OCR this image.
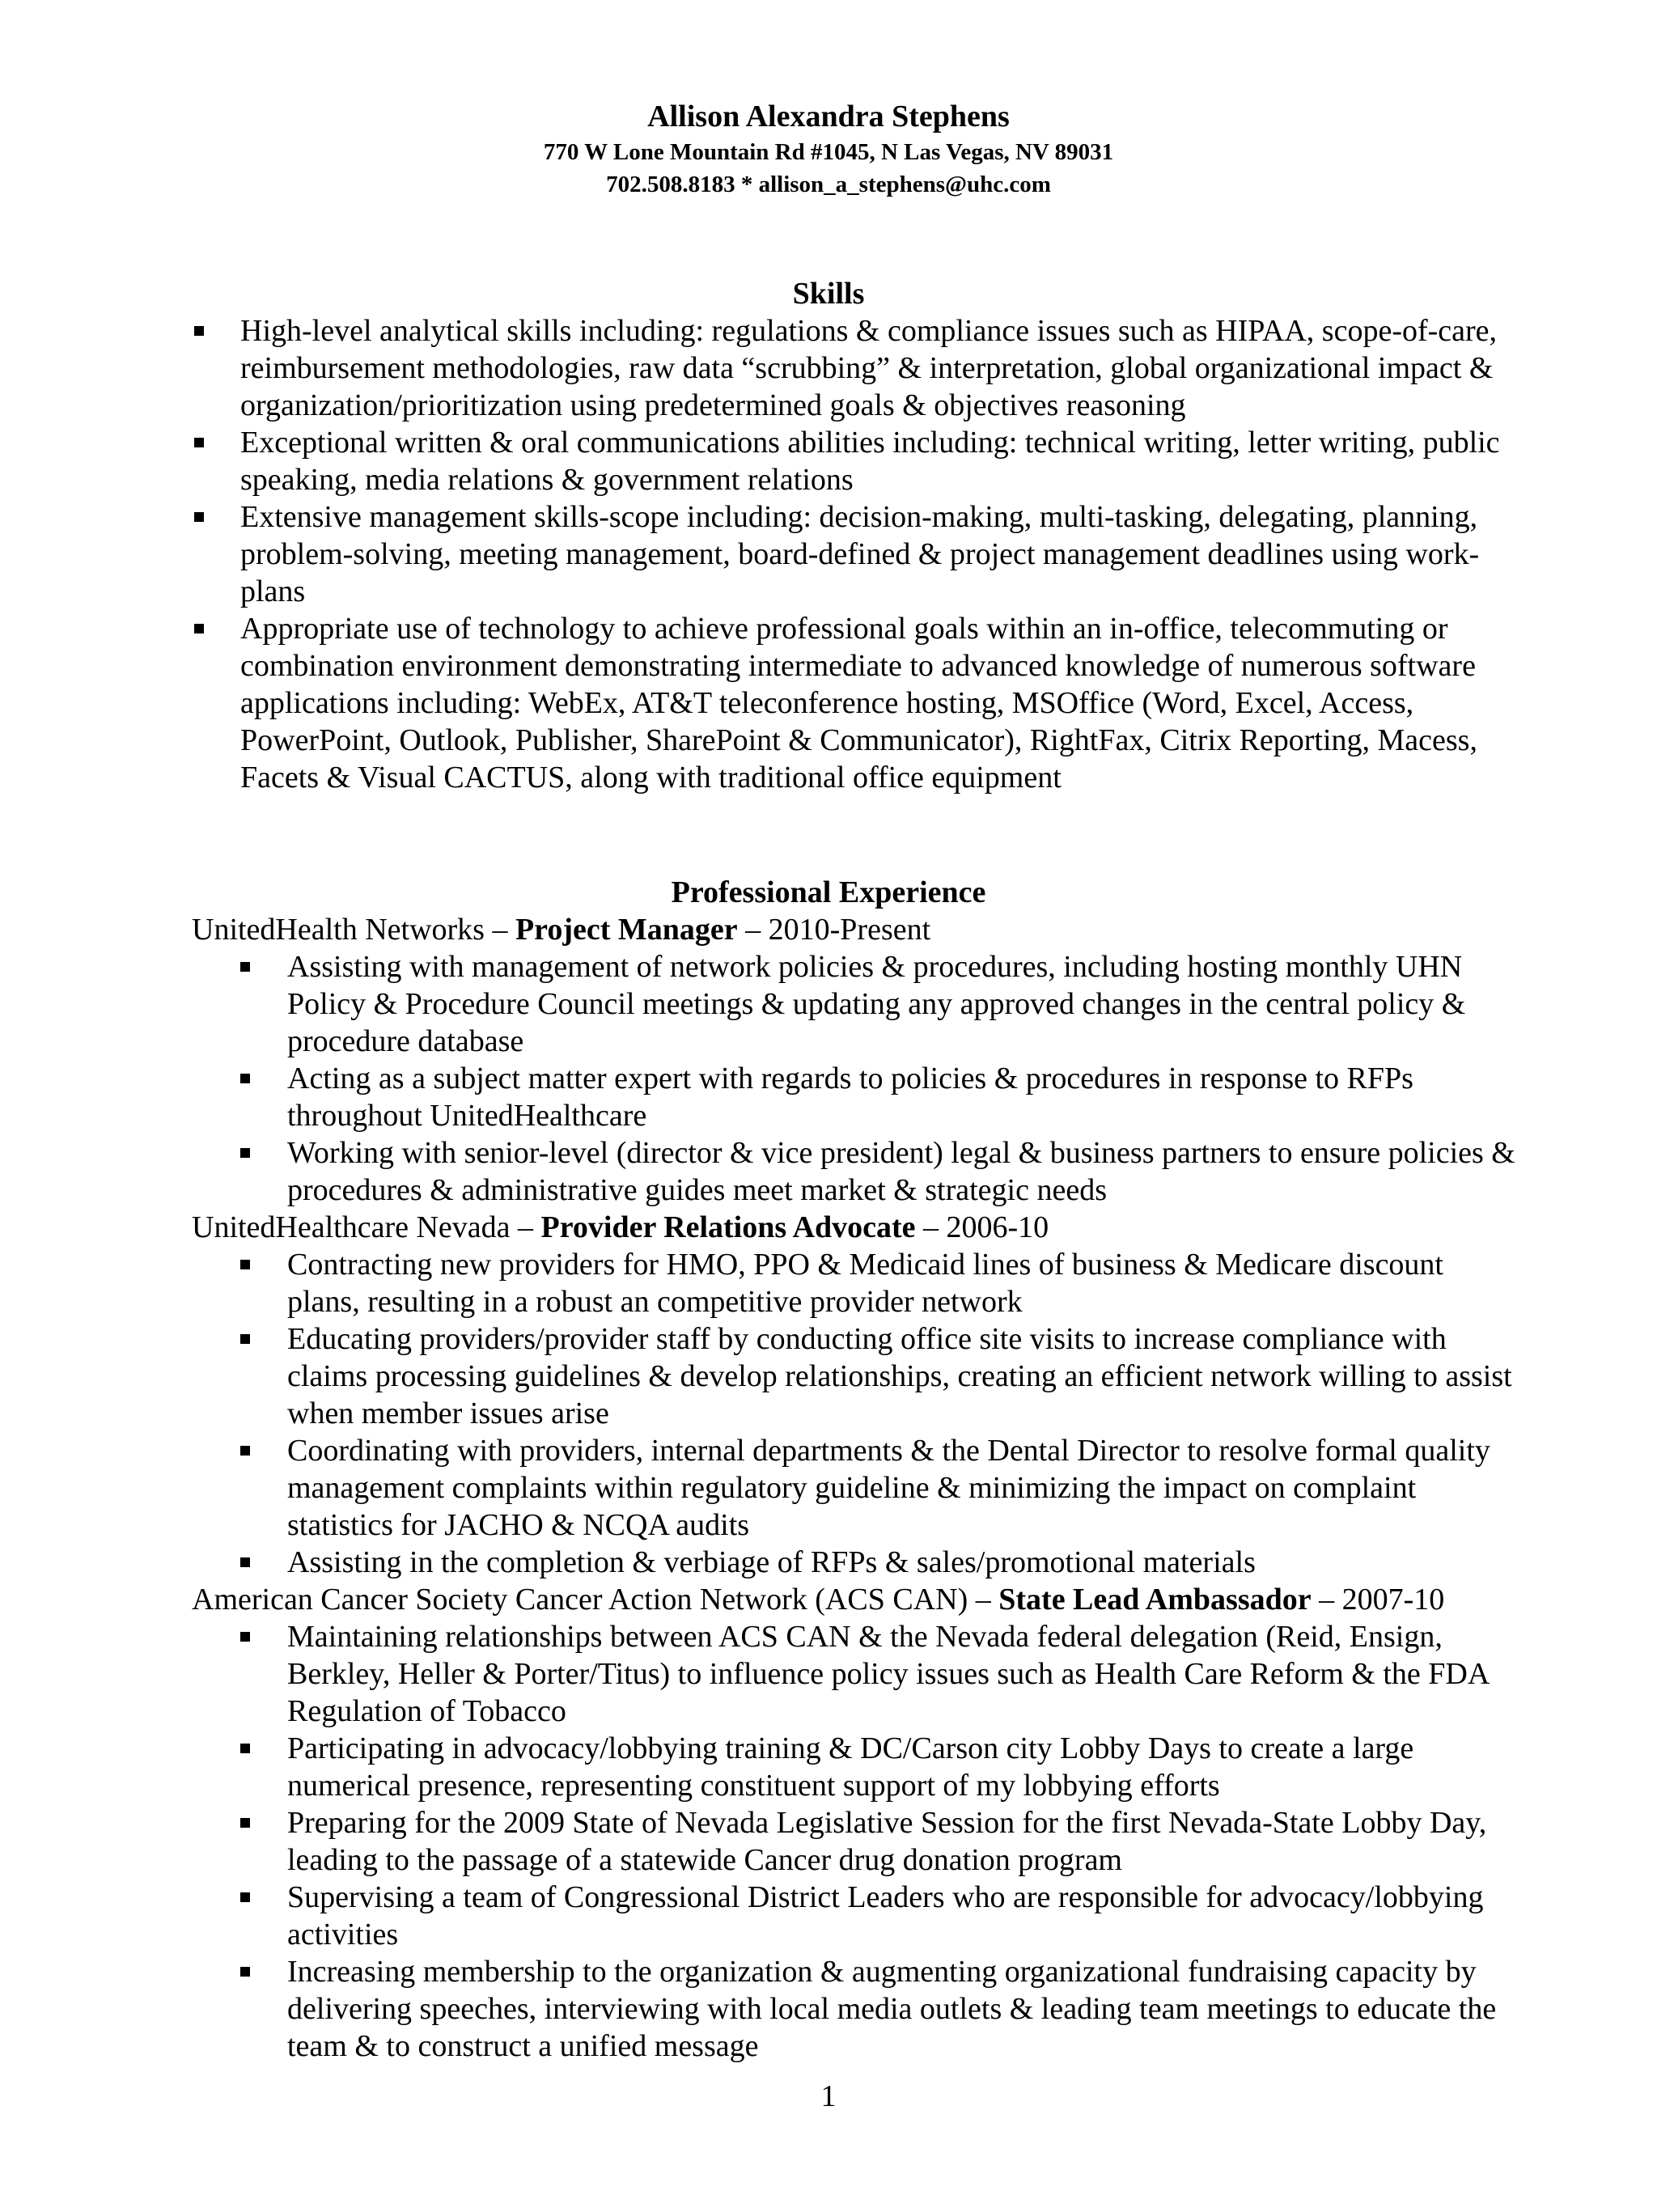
Allison Alexandra Stephens
770 W Lone Mountain Rd #1045, N Las Vegas, NV 89031
702.508.8183 * allison_a_stephens@uhc.com
Skills
High-level analytical skills including: regulations & compliance issues such as HIPAA, scope-of-care, reimbursement methodologies, raw data “scrubbing” & interpretation, global organizational impact & organization/prioritization using predetermined goals & objectives reasoning
Exceptional written & oral communications abilities including: technical writing, letter writing, public speaking, media relations & government relations
Extensive management skills-scope including: decision-making, multi-tasking, delegating, planning, problem-solving, meeting management, board-defined & project management deadlines using work-plans
Appropriate use of technology to achieve professional goals within an in-office, telecommuting or combination environment demonstrating intermediate to advanced knowledge of numerous software applications including: WebEx, AT&T teleconference hosting, MSOffice (Word, Excel, Access, PowerPoint, Outlook, Publisher, SharePoint & Communicator), RightFax, Citrix Reporting, Macess, Facets & Visual CACTUS, along with traditional office equipment
Professional Experience
UnitedHealth Networks – Project Manager – 2010-Present
Assisting with management of network policies & procedures, including hosting monthly UHN Policy & Procedure Council meetings & updating any approved changes in the central policy & procedure database
Acting as a subject matter expert with regards to policies & procedures in response to RFPs throughout UnitedHealthcare
Working with senior-level (director & vice president) legal & business partners to ensure policies & procedures & administrative guides meet market & strategic needs
UnitedHealthcare Nevada – Provider Relations Advocate – 2006-10
Contracting new providers for HMO, PPO & Medicaid lines of business & Medicare discount plans, resulting in a robust an competitive provider network
Educating providers/provider staff by conducting office site visits to increase compliance with claims processing guidelines & develop relationships, creating an efficient network willing to assist when member issues arise
Coordinating with providers, internal departments & the Dental Director to resolve formal quality management complaints within regulatory guideline & minimizing the impact on complaint statistics for JACHO & NCQA audits
Assisting in the completion & verbiage of RFPs & sales/promotional materials
American Cancer Society Cancer Action Network (ACS CAN) – State Lead Ambassador – 2007-10
Maintaining relationships between ACS CAN & the Nevada federal delegation (Reid, Ensign, Berkley, Heller & Porter/Titus) to influence policy issues such as Health Care Reform & the FDA Regulation of Tobacco
Participating in advocacy/lobbying training & DC/Carson city Lobby Days to create a large numerical presence, representing constituent support of my lobbying efforts
Preparing for the 2009 State of Nevada Legislative Session for the first Nevada-State Lobby Day, leading to the passage of a statewide Cancer drug donation program
Supervising a team of Congressional District Leaders who are responsible for advocacy/lobbying activities
Increasing membership to the organization & augmenting organizational fundraising capacity by delivering speeches, interviewing with local media outlets & leading team meetings to educate the team & to construct a unified message
1
